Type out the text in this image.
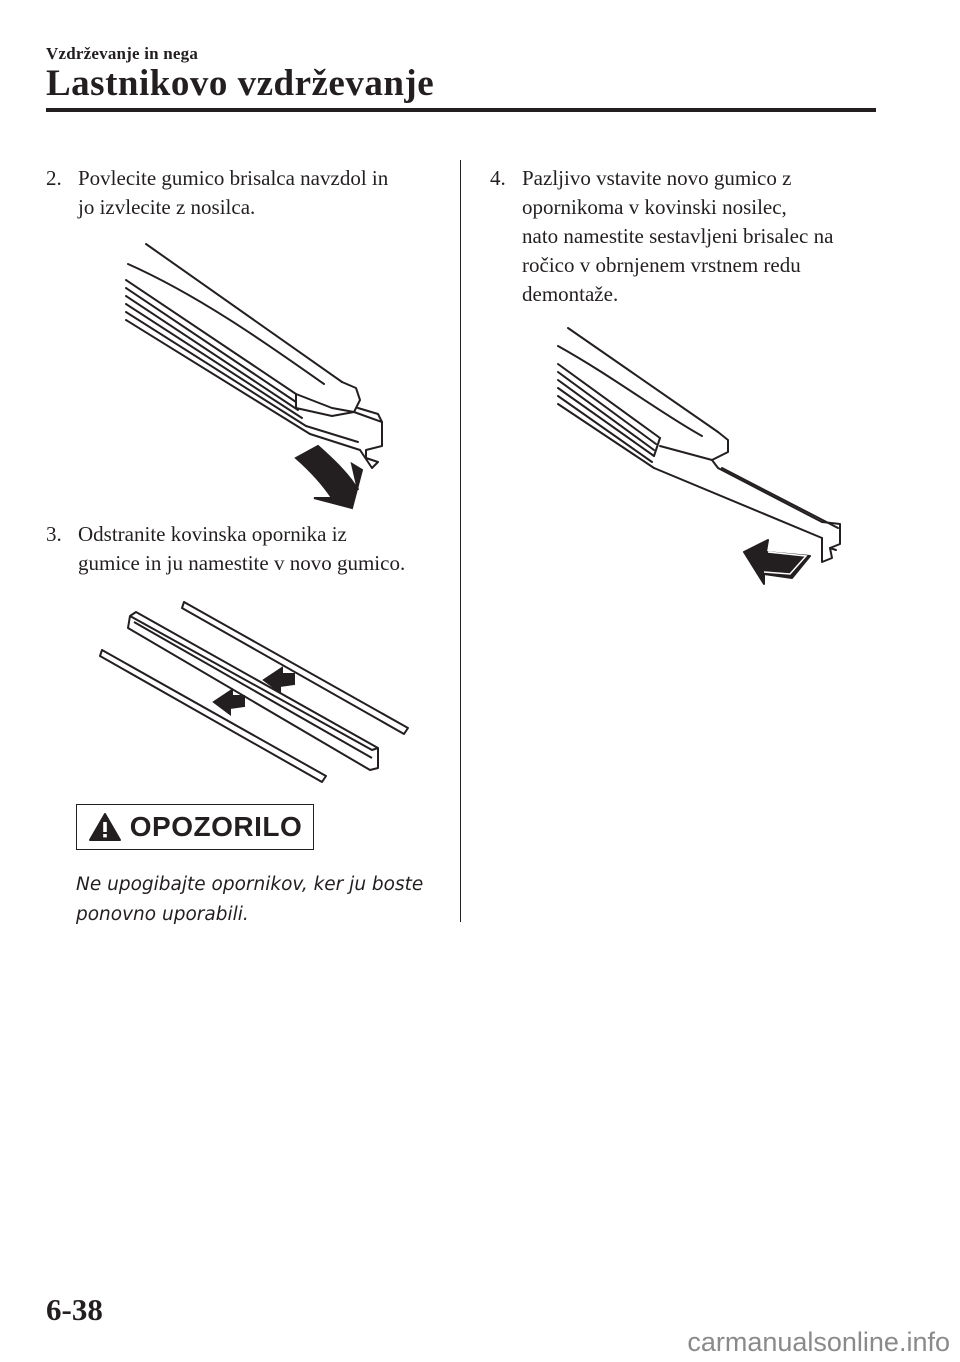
Vzdrževanje in nega
Lastnikovo vzdrževanje
2. Povlecite gumico brisalca navzdol in
jo izvlecite z nosilca.
3. Odstranite kovinska opornika iz
gumice in ju namestite v novo gumico.
OPOZORILO
Ne upogibajte opornikov, ker ju boste
ponovno uporabili.
4. Pazljivo vstavite novo gumico z
opornikoma v kovinski nosilec,
nato namestite sestavljeni brisalec na
ročico v obrnjenem vrstnem redu
demontaže.
6-38
carmanualsonline.info
